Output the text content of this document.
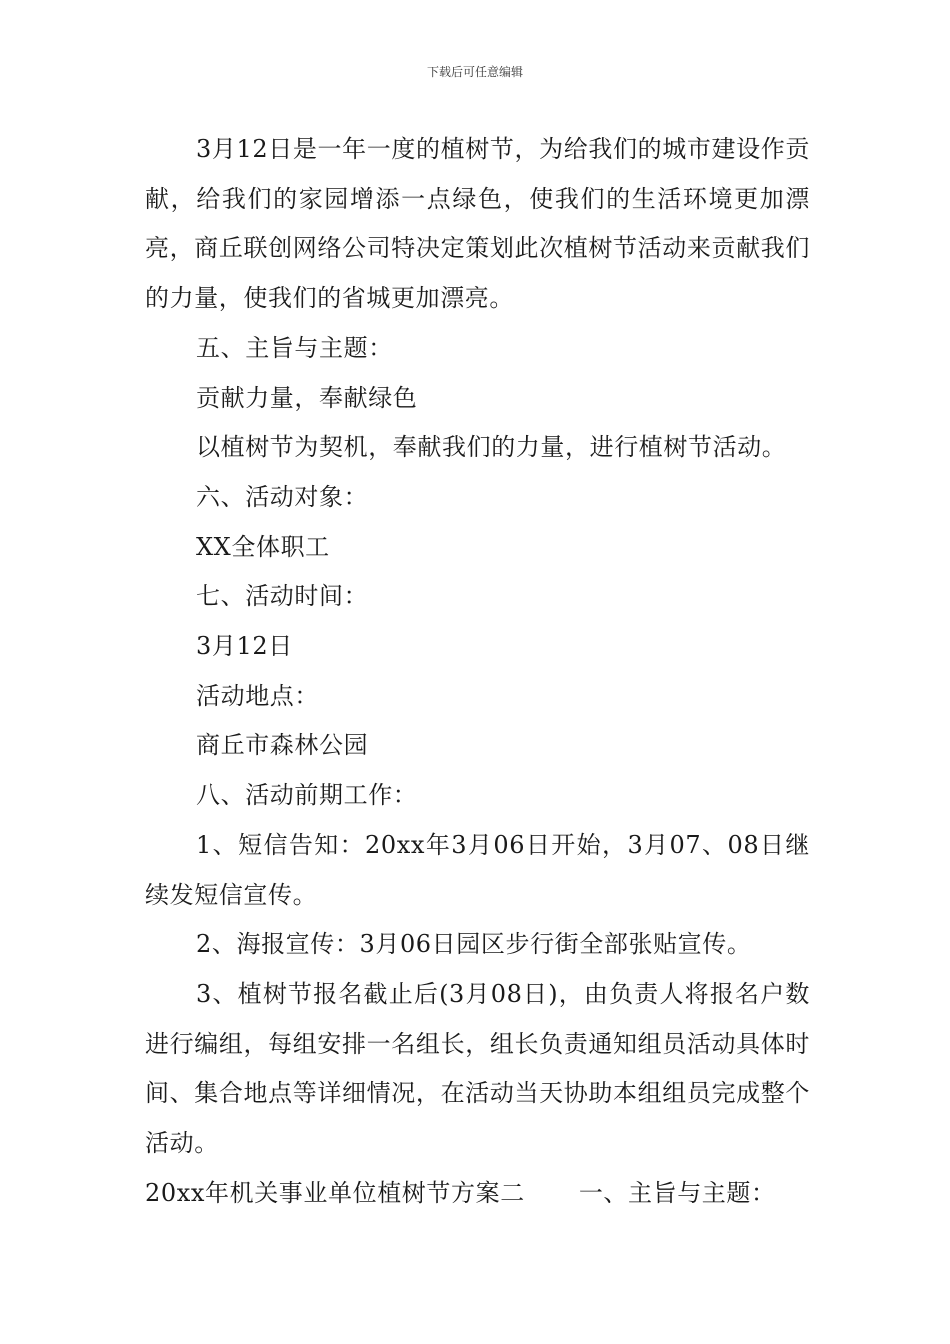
下载后可任意编辑

3月12日是一年一度的植树节，为给我们的城市建设作贡献，给我们的家园增添一点绿色，使我们的生活环境更加漂亮，商丘联创网络公司特决定策划此次植树节活动来贡献我们的力量，使我们的省城更加漂亮。

五、主旨与主题：

贡献力量，奉献绿色

以植树节为契机，奉献我们的力量，进行植树节活动。

六、活动对象：

XX全体职工

七、活动时间：

3月12日

活动地点：

商丘市森林公园

八、活动前期工作：

1、短信告知：20xx年3月06日开始，3月07、08日继续发短信宣传。

2、海报宣传：3月06日园区步行街全部张贴宣传。

3、植树节报名截止后(3月08日)，由负责人将报名户数进行编组，每组安排一名组长，组长负责通知组员活动具体时间、集合地点等详细情况，在活动当天协助本组组员完成整个活动。

20xx年机关事业单位植树节方案二 一、主旨与主题：
